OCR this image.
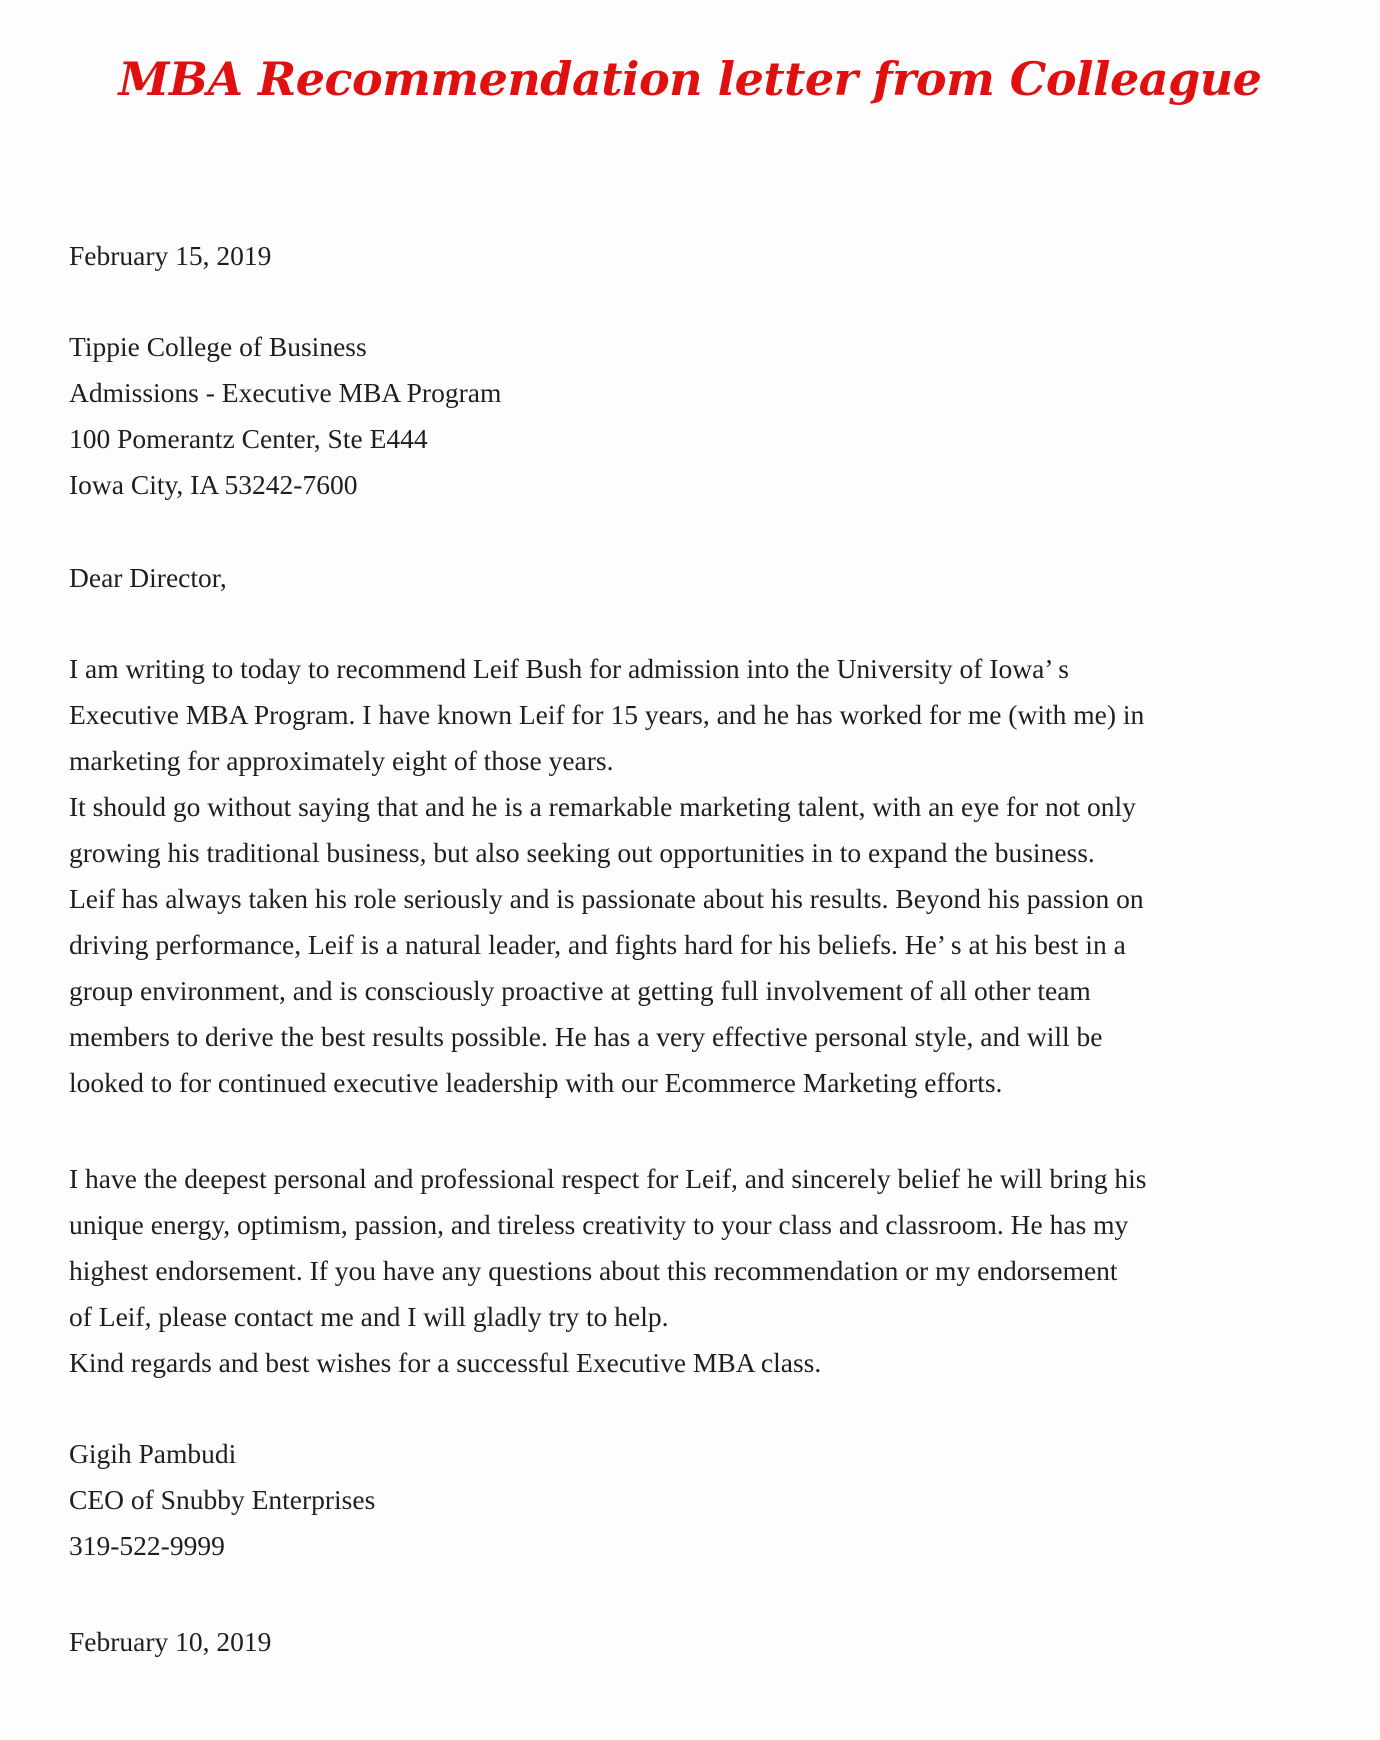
MBA Recommendation letter from Colleague
February 15, 2019
Tippie College of Business
Admissions - Executive MBA Program
100 Pomerantz Center, Ste E444
Iowa City, IA 53242-7600
Dear Director,
I am writing to today to recommend Leif Bush for admission into the University of Iowa’ s
Executive MBA Program. I have known Leif for 15 years, and he has worked for me (with me) in
marketing for approximately eight of those years.
It should go without saying that and he is a remarkable marketing talent, with an eye for not only
growing his traditional business, but also seeking out opportunities in to expand the business.
Leif has always taken his role seriously and is passionate about his results. Beyond his passion on
driving performance, Leif is a natural leader, and fights hard for his beliefs. He’ s at his best in a
group environment, and is consciously proactive at getting full involvement of all other team
members to derive the best results possible. He has a very effective personal style, and will be
looked to for continued executive leadership with our Ecommerce Marketing efforts.
I have the deepest personal and professional respect for Leif, and sincerely belief he will bring his
unique energy, optimism, passion, and tireless creativity to your class and classroom. He has my
highest endorsement. If you have any questions about this recommendation or my endorsement
of Leif, please contact me and I will gladly try to help.
Kind regards and best wishes for a successful Executive MBA class.
Gigih Pambudi
CEO of Snubby Enterprises
319-522-9999
February 10, 2019
